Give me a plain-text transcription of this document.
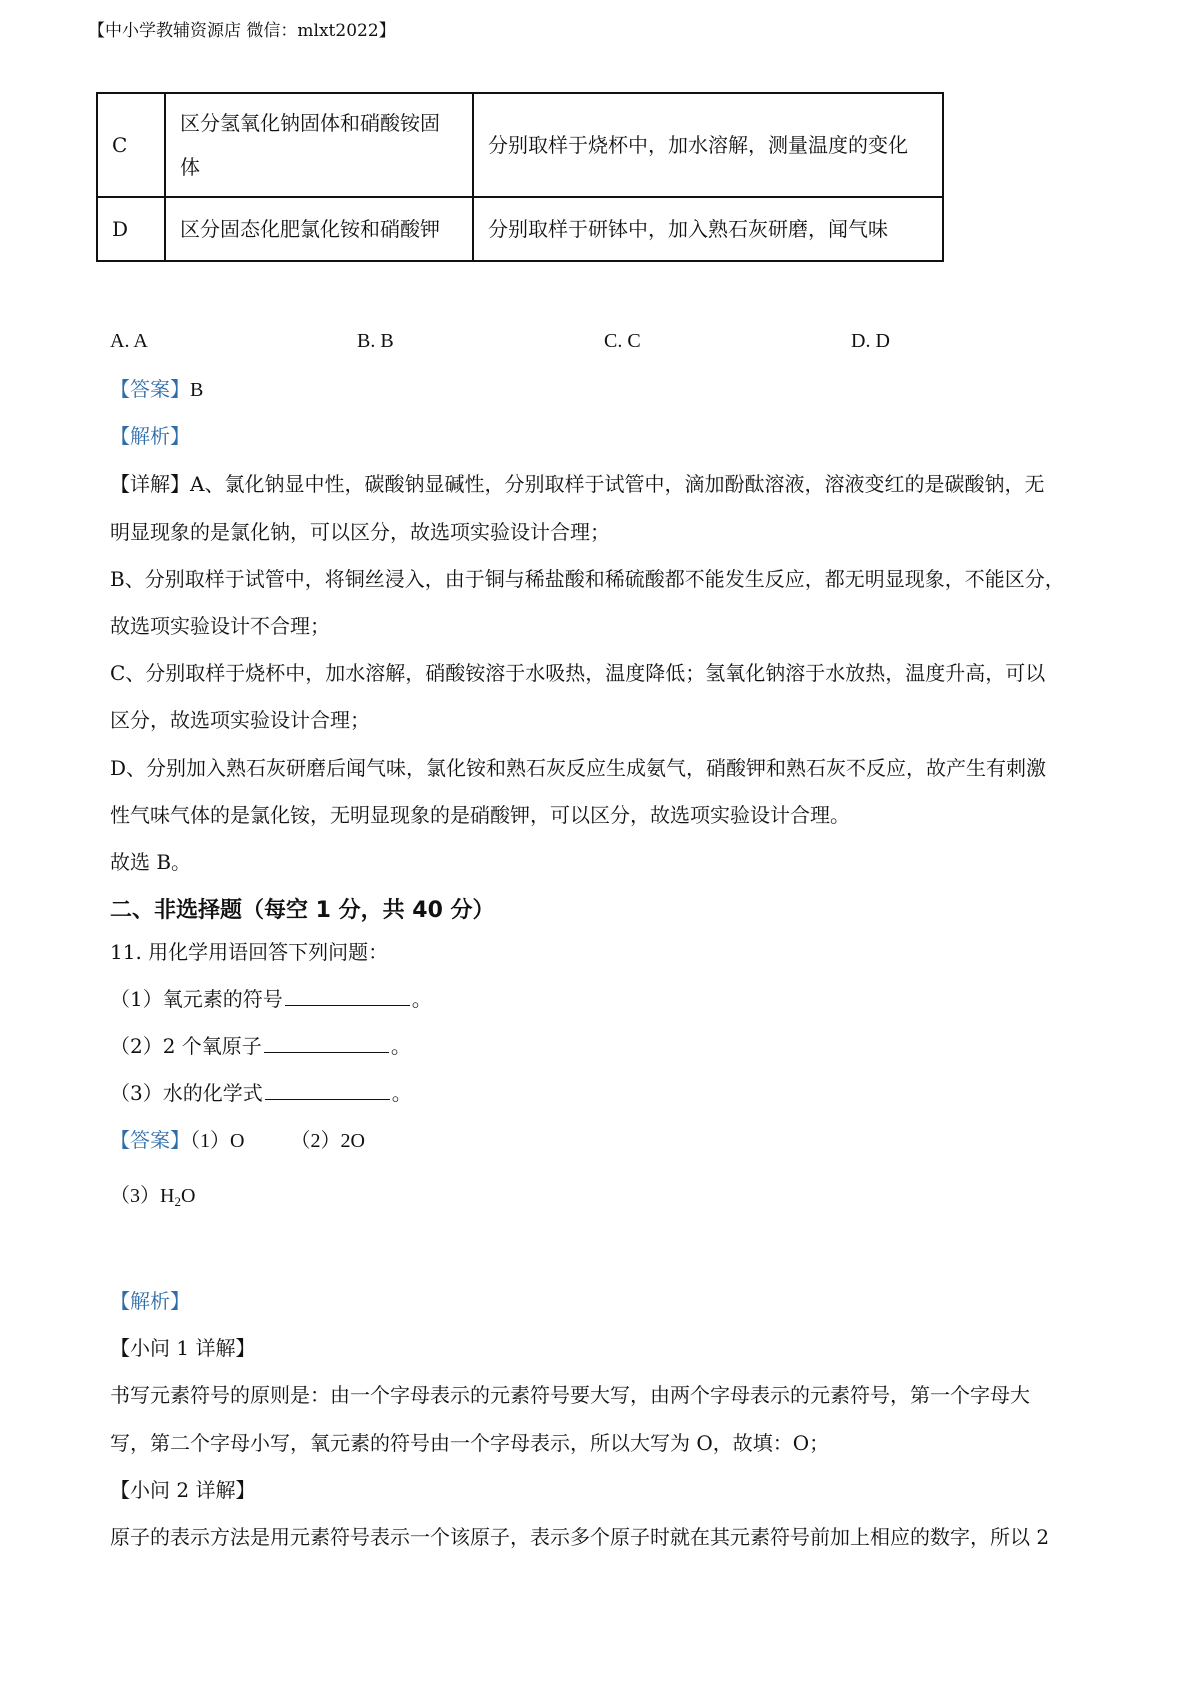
【中小学教辅资源店 微信：mlxt2022】
C	区分氢氧化钠固体和硝酸铵固体	分别取样于烧杯中，加水溶解，测量温度的变化
D	区分固态化肥氯化铵和硝酸钾	分别取样于研钵中，加入熟石灰研磨，闻气味
A. A	B. B	C. C	D. D
【答案】B
【解析】
【详解】A、氯化钠显中性，碳酸钠显碱性，分别取样于试管中，滴加酚酞溶液，溶液变红的是碳酸钠，无
明显现象的是氯化钠，可以区分，故选项实验设计合理；
B、分别取样于试管中，将铜丝浸入，由于铜与稀盐酸和稀硫酸都不能发生反应，都无明显现象，不能区分，
故选项实验设计不合理；
C、分别取样于烧杯中，加水溶解，硝酸铵溶于水吸热，温度降低；氢氧化钠溶于水放热，温度升高，可以
区分，故选项实验设计合理；
D、分别加入熟石灰研磨后闻气味，氯化铵和熟石灰反应生成氨气，硝酸钾和熟石灰不反应，故产生有刺激
性气味气体的是氯化铵，无明显现象的是硝酸钾，可以区分，故选项实验设计合理。
故选 B。
二、非选择题（每空 1 分，共 40 分）
11. 用化学用语回答下列问题：
（1）氧元素的符号	。
（2）2 个氧原子	。
（3）水的化学式	。
【答案】（1）O （2）2O
$(3)H_2O$
【解析】
【小问 1 详解】
书写元素符号的原则是：由一个字母表示的元素符号要大写，由两个字母表示的元素符号，第一个字母大
写，第二个字母小写，氧元素的符号由一个字母表示，所以大写为 O，故填：O；
【小问 2 详解】
原子的表示方法是用元素符号表示一个该原子，表示多个原子时就在其元素符号前加上相应的数字，所以 2
